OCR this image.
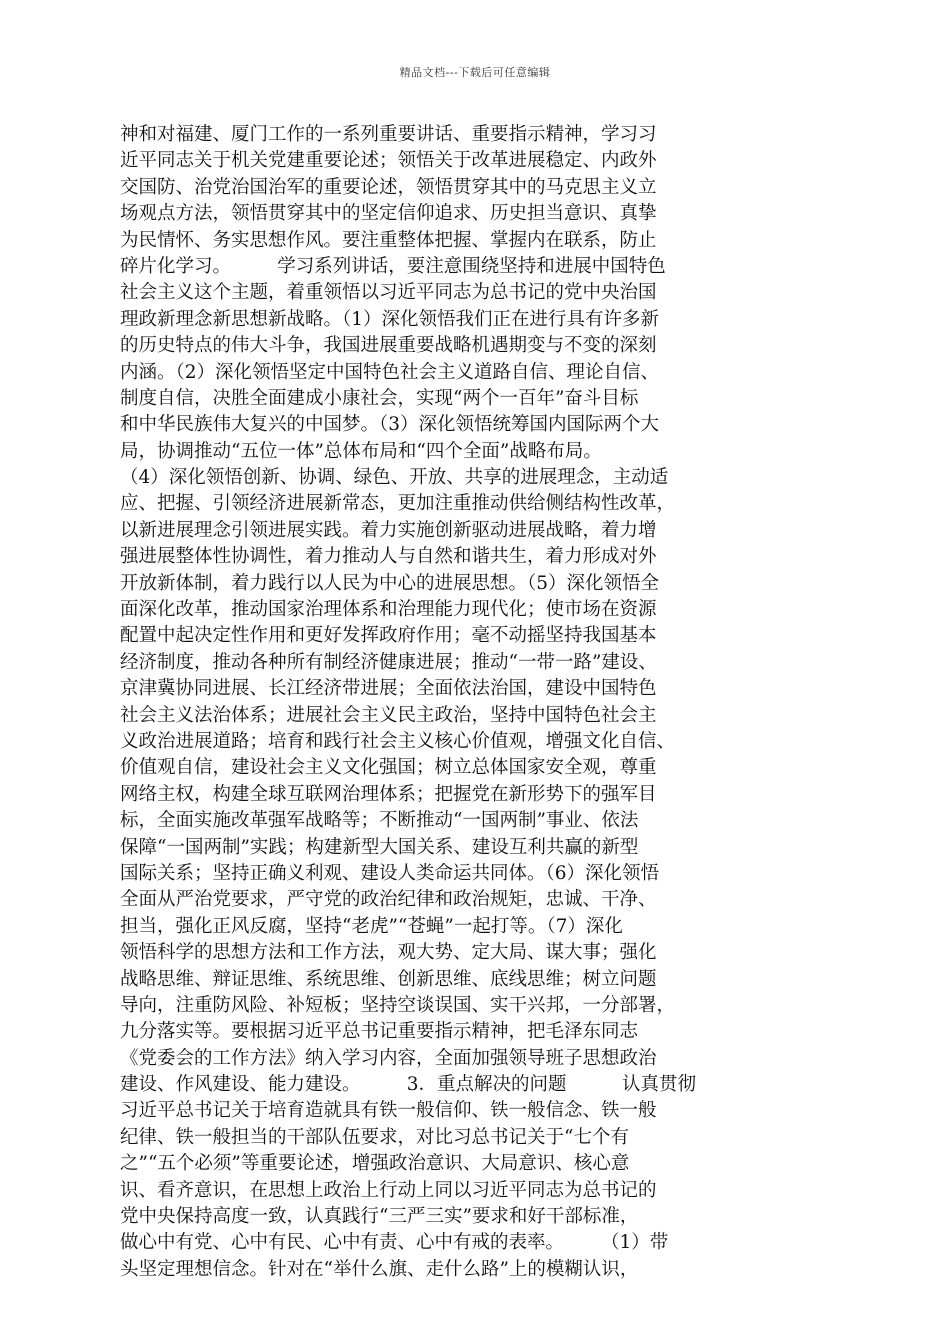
精品文档---下载后可任意编辑
神和对福建、厦门工作的一系列重要讲话、重要指示精神，学习习
近平同志关于机关党建重要论述；领悟关于改革进展稳定、内政外
交国防、治党治国治军的重要论述，领悟贯穿其中的马克思主义立
场观点方法，领悟贯穿其中的坚定信仰追求、历史担当意识、真挚
为民情怀、务实思想作风。要注重整体把握、掌握内在联系，防止
碎片化学习。　　　学习系列讲话，要注意围绕坚持和进展中国特色
社会主义这个主题，着重领悟以习近平同志为总书记的党中央治国
理政新理念新思想新战略。（1）深化领悟我们正在进行具有许多新
的历史特点的伟大斗争，我国进展重要战略机遇期变与不变的深刻
内涵。（2）深化领悟坚定中国特色社会主义道路自信、理论自信、
制度自信，决胜全面建成小康社会，实现“两个一百年”奋斗目标
和中华民族伟大复兴的中国梦。（3）深化领悟统筹国内国际两个大
局，协调推动“五位一体”总体布局和“四个全面”战略布局。
（4）深化领悟创新、协调、绿色、开放、共享的进展理念，主动适
应、把握、引领经济进展新常态，更加注重推动供给侧结构性改革，
以新进展理念引领进展实践。着力实施创新驱动进展战略，着力增
强进展整体性协调性，着力推动人与自然和谐共生，着力形成对外
开放新体制，着力践行以人民为中心的进展思想。（5）深化领悟全
面深化改革，推动国家治理体系和治理能力现代化；使市场在资源
配置中起决定性作用和更好发挥政府作用；毫不动摇坚持我国基本
经济制度，推动各种所有制经济健康进展；推动“一带一路”建设、
京津冀协同进展、长江经济带进展；全面依法治国，建设中国特色
社会主义法治体系；进展社会主义民主政治，坚持中国特色社会主
义政治进展道路；培育和践行社会主义核心价值观，增强文化自信、
价值观自信，建设社会主义文化强国；树立总体国家安全观，尊重
网络主权，构建全球互联网治理体系；把握党在新形势下的强军目
标，全面实施改革强军战略等；不断推动“一国两制”事业、依法
保障“一国两制”实践；构建新型大国关系、建设互利共赢的新型
国际关系；坚持正确义利观、建设人类命运共同体。（6）深化领悟
全面从严治党要求，严守党的政治纪律和政治规矩，忠诚、干净、
担当，强化正风反腐，坚持“老虎”“苍蝇”一起打等。（7）深化
领悟科学的思想方法和工作方法，观大势、定大局、谋大事；强化
战略思维、辩证思维、系统思维、创新思维、底线思维；树立问题
导向，注重防风险、补短板；坚持空谈误国、实干兴邦，一分部署，
九分落实等。要根据习近平总书记重要指示精神，把毛泽东同志
《党委会的工作方法》纳入学习内容，全面加强领导班子思想政治
建设、作风建设、能力建设。　　　3．重点解决的问题　　　认真贯彻
习近平总书记关于培育造就具有铁一般信仰、铁一般信念、铁一般
纪律、铁一般担当的干部队伍要求，对比习总书记关于“七个有
之”“五个必须”等重要论述，增强政治意识、大局意识、核心意
识、看齐意识，在思想上政治上行动上同以习近平同志为总书记的
党中央保持高度一致，认真践行“三严三实”要求和好干部标准，
做心中有党、心中有民、心中有责、心中有戒的表率。　　　（1）带
头坚定理想信念。针对在“举什么旗、走什么路”上的模糊认识，
